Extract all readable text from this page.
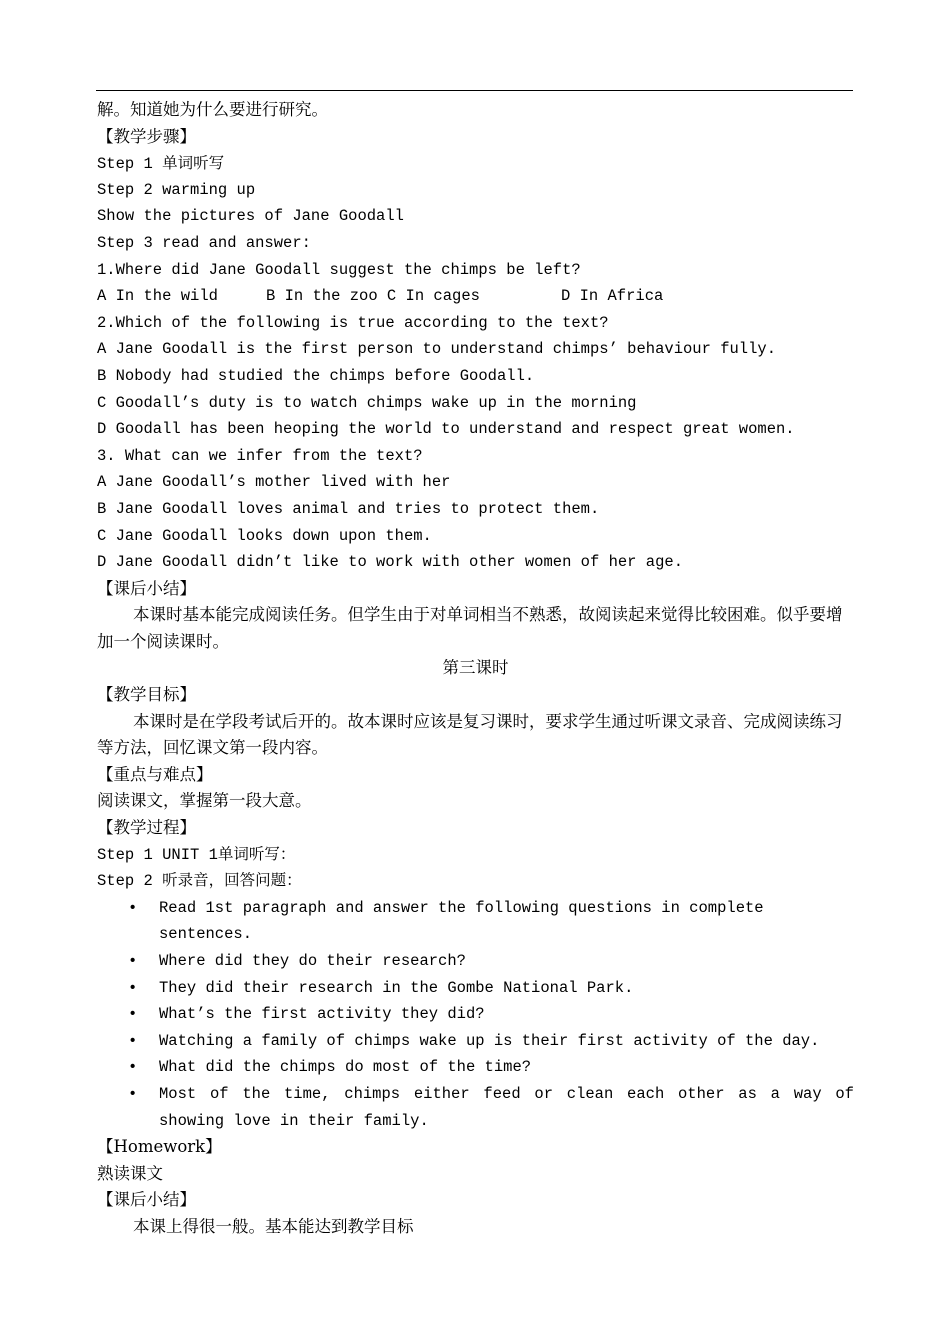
解。知道她为什么要进行研究。
【教学步骤】
Step 1 单词听写
Step 2 warming up
Show the pictures of Jane Goodall
Step 3 read and answer:
1.Where did Jane Goodall suggest the chimps be left?
A In the wild	B In the zoo C In cages	D In Africa
2.Which of the following is true according to the text?
A Jane Goodall is the first person to understand chimps’ behaviour fully.
B Nobody had studied the chimps before Goodall.
C Goodall’s duty is to watch chimps wake up in the morning
D Goodall has been heoping the world to understand and respect great women.
3. What can we infer from the text?
A Jane Goodall’s mother lived with her
B Jane Goodall loves animal and tries to protect them.
C Jane Goodall looks down upon them.
D Jane Goodall didn’t like to work with other women of her age.
【课后小结】
本课时基本能完成阅读任务。但学生由于对单词相当不熟悉，故阅读起来觉得比较困难。似乎要增加一个阅读课时。
第三课时
【教学目标】
本课时是在学段考试后开的。故本课时应该是复习课时，要求学生通过听课文录音、完成阅读练习等方法，回忆课文第一段内容。
【重点与难点】
阅读课文，掌握第一段大意。
【教学过程】
Step 1 UNIT 1单词听写：
Step 2 听录音，回答问题：
• Read 1st paragraph and answer the following questions in complete sentences.
• Where did they do their research?
• They did their research in the Gombe National Park.
• What’s the first activity they did?
• Watching a family of chimps wake up is their first activity of the day.
• What did the chimps do most of the time?
• Most of the time, chimps either feed or clean each other as a way of showing love in their family.
【Homework】
熟读课文
【课后小结】
本课上得很一般。基本能达到教学目标
